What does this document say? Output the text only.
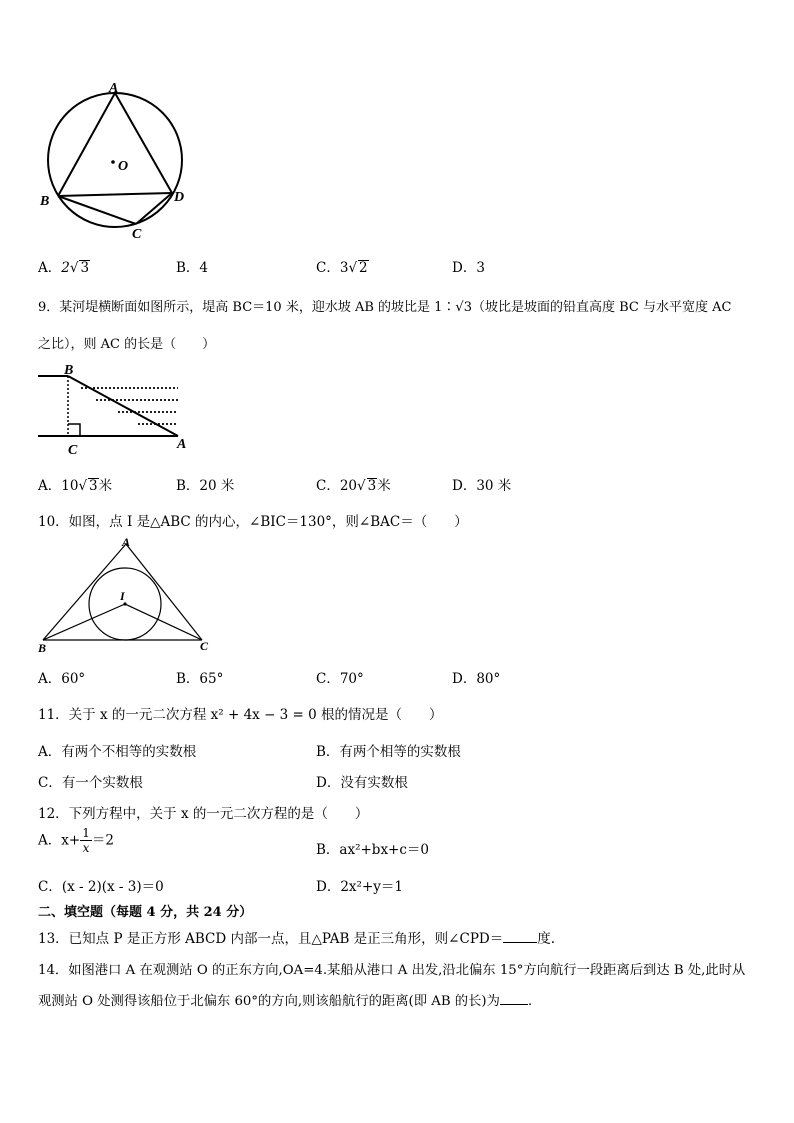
A
B
C
D
O
A．2√ 3	B．4	C．3√ 2	D．3
9．某河堤横断面如图所示，堤高 BC＝10 米，迎水坡 AB 的坡比是 1∶√3（坡比是坡面的铅直高度 BC 与水平宽度 AC
之比），则 AC 的长是（　　）
B
C	A
A．10√ 3米	B．20 米	C．20√ 3米	D．30 米
10．如图，点 I 是△ABC 的内心，∠BIC＝130°，则∠BAC＝（　　）
A
B	C
I
A．60°	B．65°	C．70°	D．80°
11．关于 x 的一元二次方程 x² + 4x − 3 = 0 根的情况是（　　）
A．有两个不相等的实数根	B．有两个相等的实数根
C．有一个实数根	D．没有实数根
12．下列方程中，关于 x 的一元二次方程的是（　　）
A．$x+ \frac{1}{x} =2$
B．ax²+bx+c＝0
C．(x - 2)(x - 3)＝0	D．2x²+y＝1
二、填空题（每题 4 分，共 24 分）
13．已知点 P 是正方形 ABCD 内部一点，且△PAB 是正三角形，则∠CPD＝	度.
14．如图港口 A 在观测站 O 的正东方向,OA=4.某船从港口 A 出发,沿北偏东 15°方向航行一段距离后到达 B 处,此时从
观测站 O 处测得该船位于北偏东 60°的方向,则该船航行的距离(即 AB 的长)为 .
